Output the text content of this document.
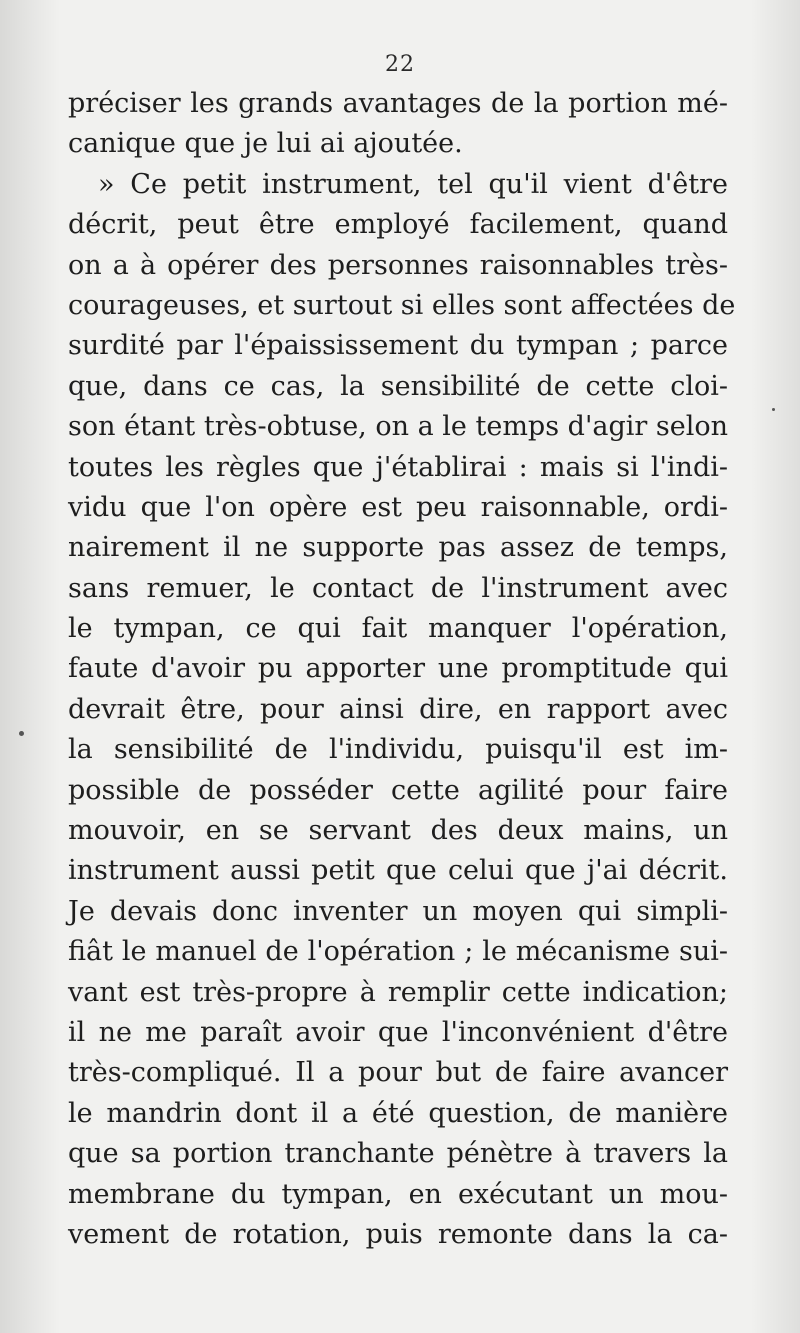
22
préciser les grands avantages de la portion mé-
canique que je lui ai ajoutée.
» Ce petit instrument, tel qu'il vient d'être
décrit, peut être employé facilement, quand
on a à opérer des personnes raisonnables très-
courageuses, et surtout si elles sont affectées de
surdité par l'épaississement du tympan ; parce
que, dans ce cas, la sensibilité de cette cloi-
son étant très-obtuse, on a le temps d'agir selon
toutes les règles que j'établirai : mais si l'indi-
vidu que l'on opère est peu raisonnable, ordi-
nairement il ne supporte pas assez de temps,
sans remuer, le contact de l'instrument avec
le tympan, ce qui fait manquer l'opération,
faute d'avoir pu apporter une promptitude qui
devrait être, pour ainsi dire, en rapport avec
la sensibilité de l'individu, puisqu'il est im-
possible de posséder cette agilité pour faire
mouvoir, en se servant des deux mains, un
instrument aussi petit que celui que j'ai décrit.
Je devais donc inventer un moyen qui simpli-
fiât le manuel de l'opération ; le mécanisme sui-
vant est très-propre à remplir cette indication;
il ne me paraît avoir que l'inconvénient d'être
très-compliqué. Il a pour but de faire avancer
le mandrin dont il a été question, de manière
que sa portion tranchante pénètre à travers la
membrane du tympan, en exécutant un mou-
vement de rotation, puis remonte dans la ca-
